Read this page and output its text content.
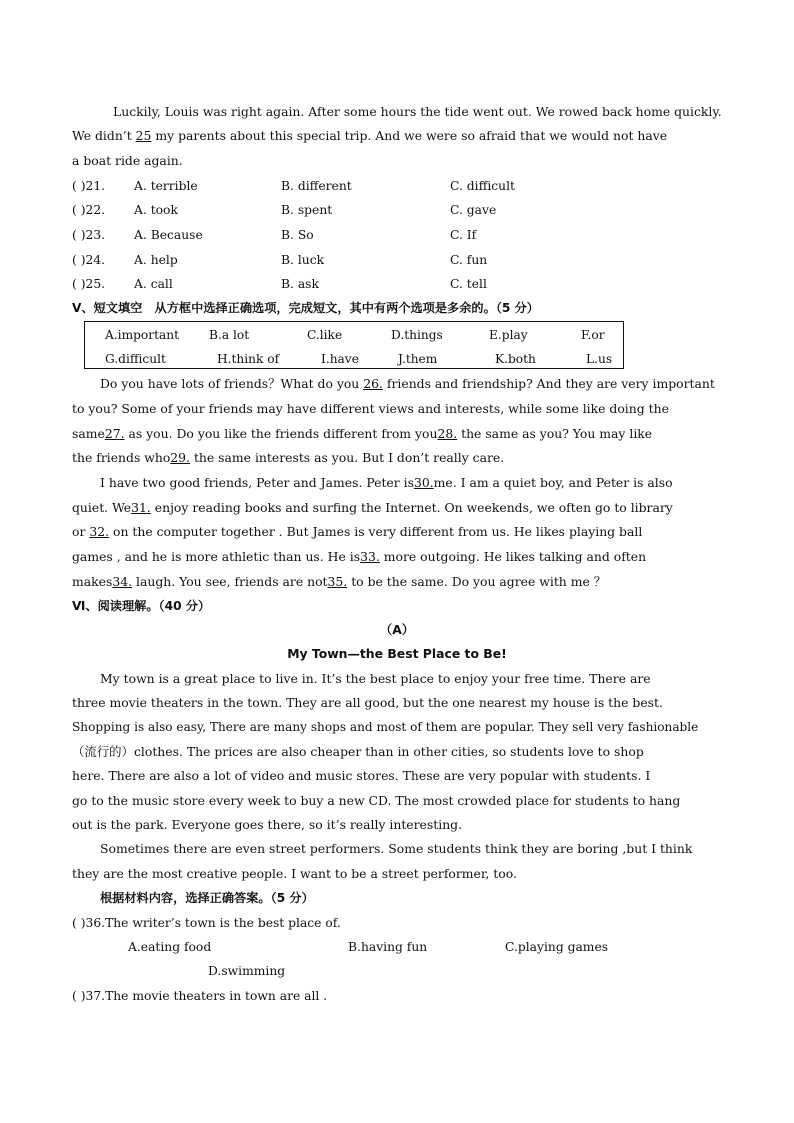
Luckily, Louis was right again. After some hours the tide went out. We rowed back home quickly.
We didn’t 25 my parents about this special trip. And we were so afraid that we would not have
a boat ride again.
( )21. A. terrible	B. different	C. difficult
( )22. A. took	B. spent	C. gave
( )23. A. Because	B. So	C. If
( )24. A. help	B. luck	C. fun
( )25. A. call	B. ask	C. tell
Ⅴ、短文填空　从方框中选择正确选项，完成短文，其中有两个选项是多余的。（5 分）
A.important B.a lot	C.like	D.things	E.play	F.or
G.difficult	H.think of	I.have	J.them	K.both	L.us
Do you have lots of friends？What do you 26. friends and friendship? And they are very important
to you? Some of your friends may have different views and interests, while some like doing the
same27. as you. Do you like the friends different from you28. the same as you? You may like
the friends who29. the same interests as you. But I don’t really care.
I have two good friends, Peter and James. Peter is30.me. I am a quiet boy, and Peter is also
quiet. We31. enjoy reading books and surfing the Internet. On weekends, we often go to library
or 32. on the computer together . But James is very different from us. He likes playing ball
games , and he is more athletic than us. He is33. more outgoing. He likes talking and often
makes34. laugh. You see, friends are not35. to be the same. Do you agree with me ？
Ⅵ、阅读理解。（40 分）
（A）
My Town—the Best Place to Be!
My town is a great place to live in. It’s the best place to enjoy your free time. There are
three movie theaters in the town. They are all good, but the one nearest my house is the best.
Shopping is also easy, There are many shops and most of them are popular. They sell very fashionable
（流行的）clothes. The prices are also cheaper than in other cities, so students love to shop
here. There are also a lot of video and music stores. These are very popular with students. I
go to the music store every week to buy a new CD. The most crowded place for students to hang
out is the park. Everyone goes there, so it’s really interesting.
Sometimes there are even street performers. Some students think they are boring ,but I think
they are the most creative people. I want to be a street performer, too.
根据材料内容，选择正确答案。（5 分）
( )36.The writer’s town is the best place of.
A.eating food	B.having fun	C.playing games
D.swimming
( )37.The movie theaters in town are all .
